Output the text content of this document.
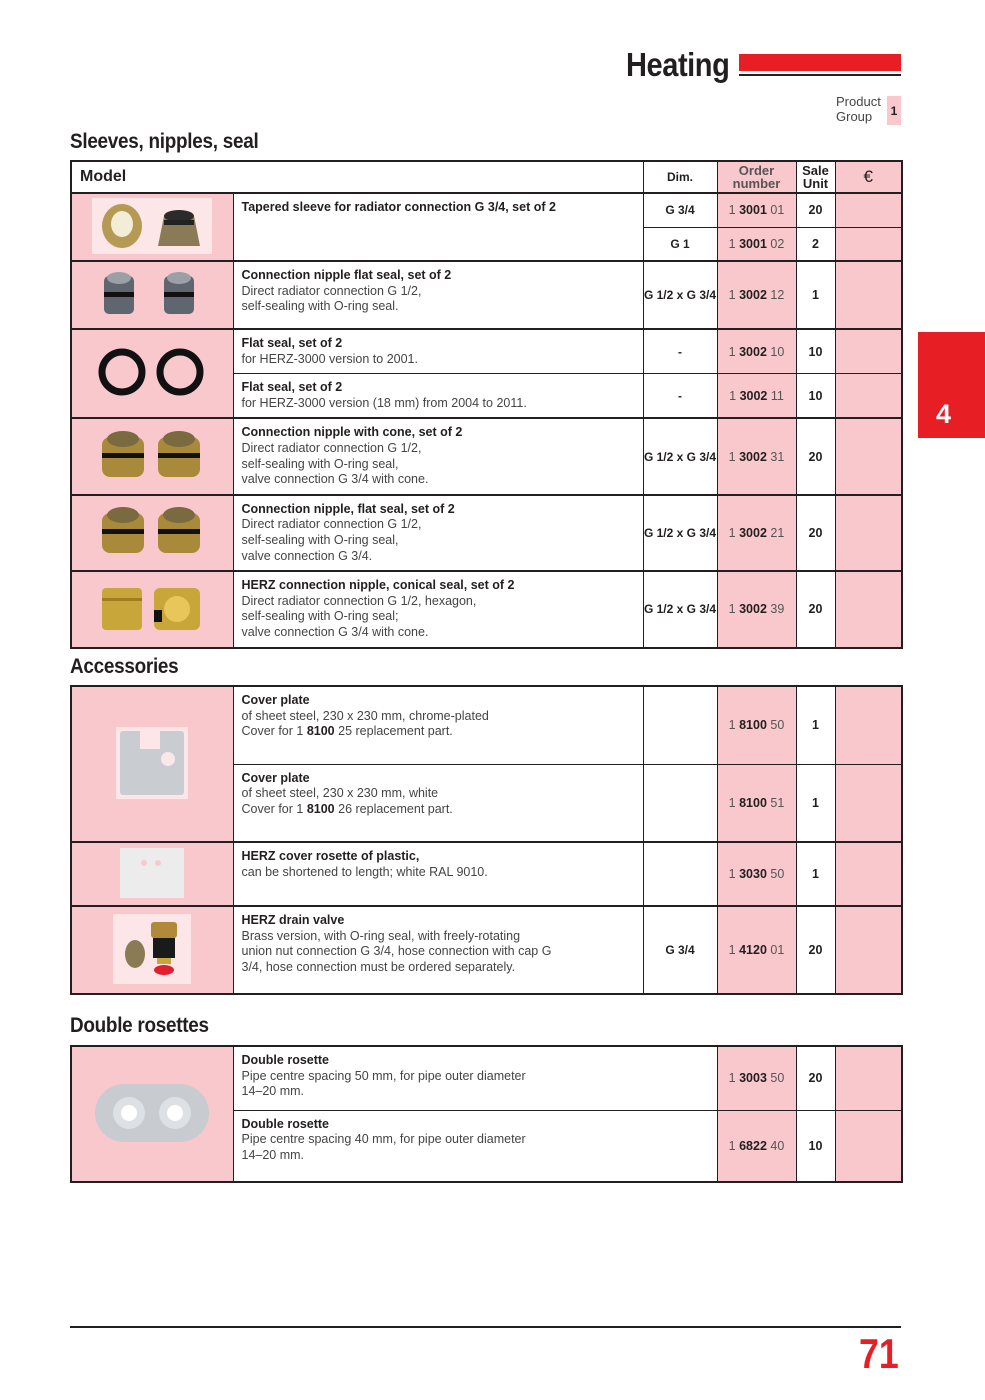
Heating
Product
Group	1
4
Sleeves, nipples, seal
Model		Dim.	Order
number	Sale
Unit	€

Tapered sleeve for radiator connection G 3/4, set of 2	G 3/4	1 3001 01	20	
		G 1	1 3001 02	2	

Connection nipple flat seal, set of 2
Direct radiator connection G 1/2,
self-sealing with O-ring seal.	G 1/2 x G 3/4	1 3002 12	1	

Flat seal, set of 2
for HERZ-3000 version to 2001.	-	1 3002 10	10	

	Flat seal, set of 2
for HERZ-3000 version (18 mm) from 2004 to 2011.	-	1 3002 11	10	

Connection nipple with cone, set of 2
Direct radiator connection G 1/2,
self-sealing with O-ring seal,
valve connection G 3/4 with cone.	G 1/2 x G 3/4	1 3002 31	20	

Connection nipple, flat seal, set of 2
Direct radiator connection G 1/2,
self-sealing with O-ring seal,
valve connection G 3/4.	G 1/2 x G 3/4	1 3002 21	20	

HERZ connection nipple, conical seal, set of 2
Direct radiator connection G 1/2, hexagon,
self-sealing with O-ring seal;
valve connection G 3/4 with cone.	G 1/2 x G 3/4	1 3002 39	20	
Accessories

Cover plate
of sheet steel, 230 x 230 mm, chrome-plated
Cover for 1 8100 25 replacement part.		1 8100 50	1	

	Cover plate
of sheet steel, 230 x 230 mm, white
Cover for 1 8100 26 replacement part.		1 8100 51	1	

HERZ cover rosette of plastic,
can be shortened to length; white RAL 9010.		1 3030 50	1	

HERZ drain valve
Brass version, with O-ring seal, with freely-rotating
union nut connection G 3/4, hose connection with cap G
3/4, hose connection must be ordered separately.	G 3/4	1 4120 01	20	
Double rosettes

Double rosette
Pipe centre spacing 50 mm, for pipe outer diameter
14–20 mm.	1 3003 50	20	

	Double rosette
Pipe centre spacing 40 mm, for pipe outer diameter
14–20 mm.	1 6822 40	10	
71
